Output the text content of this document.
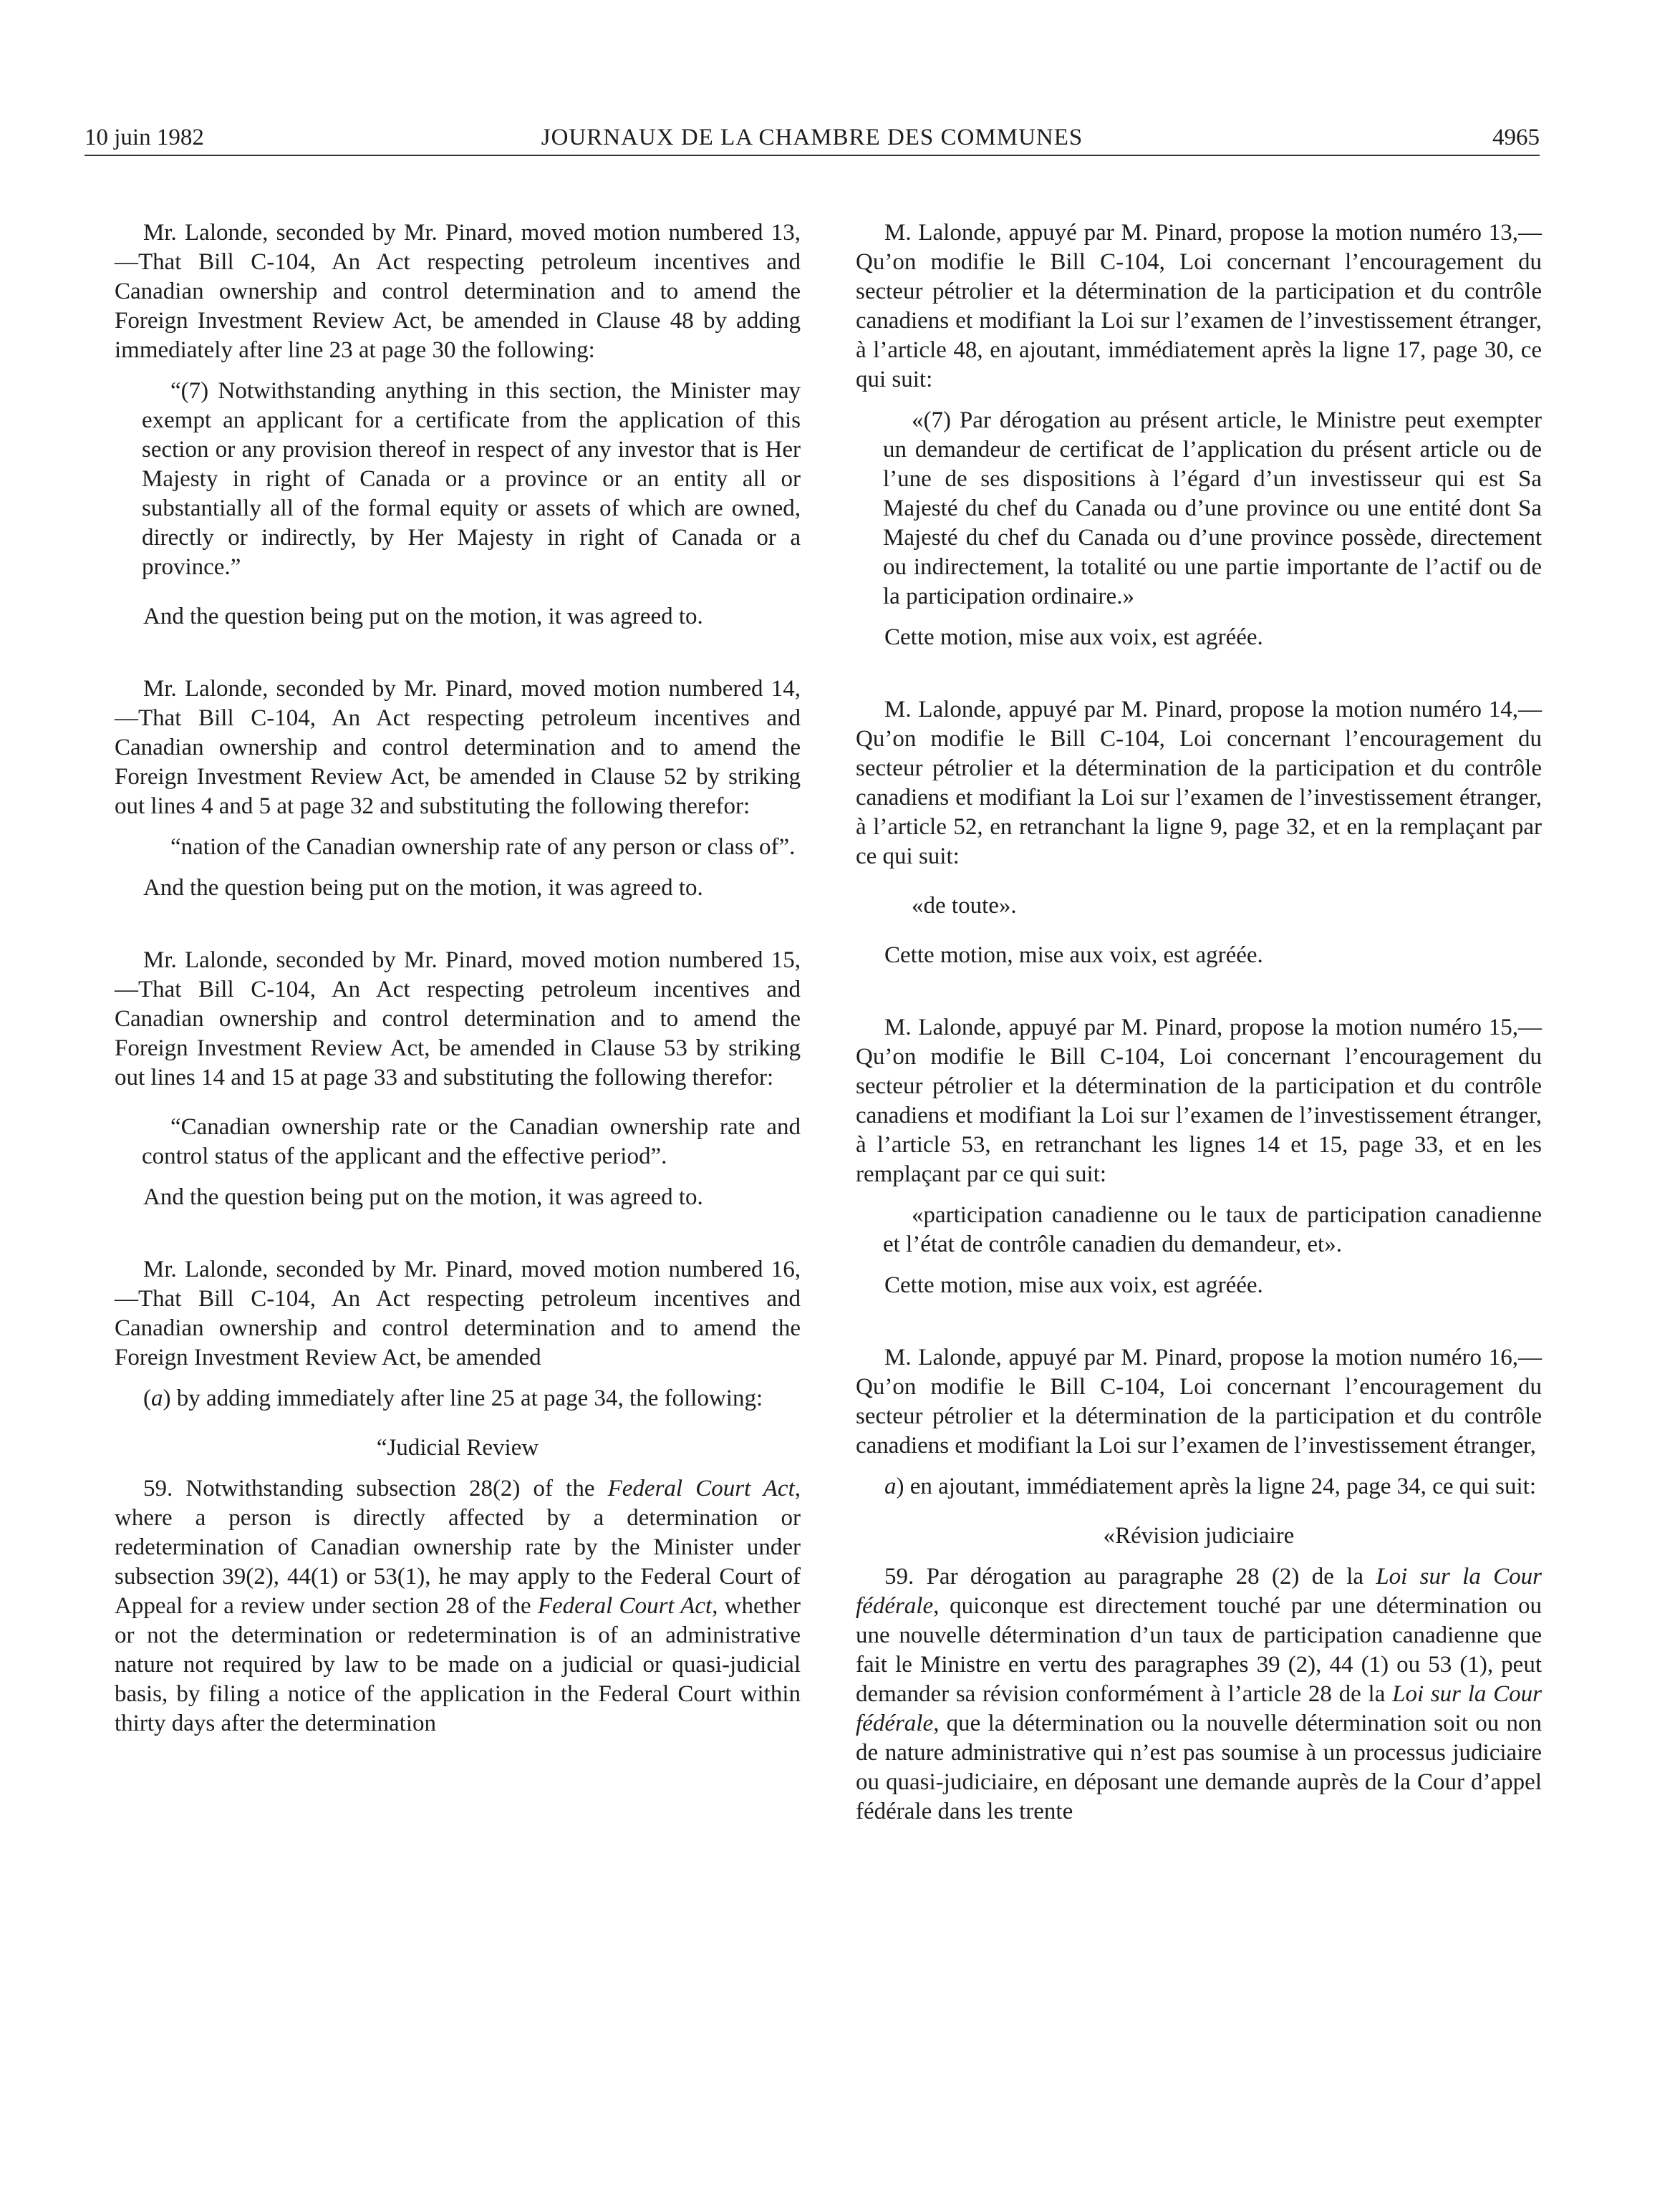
10 juin 1982	JOURNAUX DE LA CHAMBRE DES COMMUNES	4965

Mr. Lalonde, seconded by Mr. Pinard, moved motion numbered 13,—That Bill C-104, An Act respecting petroleum incentives and Canadian ownership and control determination and to amend the Foreign Investment Review Act, be amended in Clause 48 by adding immediately after line 23 at page 30 the following:

“(7) Notwithstanding anything in this section, the Minister may exempt an applicant for a certificate from the application of this section or any provision thereof in respect of any investor that is Her Majesty in right of Canada or a province or an entity all or substantially all of the formal equity or assets of which are owned, directly or indirectly, by Her Majesty in right of Canada or a province.”

And the question being put on the motion, it was agreed to.

Mr. Lalonde, seconded by Mr. Pinard, moved motion numbered 14,—That Bill C-104, An Act respecting petroleum incentives and Canadian ownership and control determination and to amend the Foreign Investment Review Act, be amended in Clause 52 by striking out lines 4 and 5 at page 32 and substituting the following therefor:

“nation of the Canadian ownership rate of any person or class of”.

And the question being put on the motion, it was agreed to.

Mr. Lalonde, seconded by Mr. Pinard, moved motion numbered 15,—That Bill C-104, An Act respecting petroleum incentives and Canadian ownership and control determination and to amend the Foreign Investment Review Act, be amended in Clause 53 by striking out lines 14 and 15 at page 33 and substituting the following therefor:

“Canadian ownership rate or the Canadian ownership rate and control status of the applicant and the effective period”.

And the question being put on the motion, it was agreed to.

Mr. Lalonde, seconded by Mr. Pinard, moved motion numbered 16,—That Bill C-104, An Act respecting petroleum incentives and Canadian ownership and control determination and to amend the Foreign Investment Review Act, be amended

(a) by adding immediately after line 25 at page 34, the following:

“Judicial Review

59. Notwithstanding subsection 28(2) of the Federal Court Act, where a person is directly affected by a determination or redetermination of Canadian ownership rate by the Minister under subsection 39(2), 44(1) or 53(1), he may apply to the Federal Court of Appeal for a review under section 28 of the Federal Court Act, whether or not the determination or redetermination is of an administrative nature not required by law to be made on a judicial or quasi-judicial basis, by filing a notice of the application in the Federal Court within thirty days after the determination

M. Lalonde, appuyé par M. Pinard, propose la motion numéro 13,—Qu’on modifie le Bill C-104, Loi concernant l’encouragement du secteur pétrolier et la détermination de la participation et du contrôle canadiens et modifiant la Loi sur l’examen de l’investissement étranger, à l’article 48, en ajoutant, immédiatement après la ligne 17, page 30, ce qui suit:

«(7) Par dérogation au présent article, le Ministre peut exempter un demandeur de certificat de l’application du présent article ou de l’une de ses dispositions à l’égard d’un investisseur qui est Sa Majesté du chef du Canada ou d’une province ou une entité dont Sa Majesté du chef du Canada ou d’une province possède, directement ou indirectement, la totalité ou une partie importante de l’actif ou de la participation ordinaire.»

Cette motion, mise aux voix, est agréée.

M. Lalonde, appuyé par M. Pinard, propose la motion numéro 14,—Qu’on modifie le Bill C-104, Loi concernant l’encouragement du secteur pétrolier et la détermination de la participation et du contrôle canadiens et modifiant la Loi sur l’examen de l’investissement étranger, à l’article 52, en retranchant la ligne 9, page 32, et en la remplaçant par ce qui suit:

«de toute».

Cette motion, mise aux voix, est agréée.

M. Lalonde, appuyé par M. Pinard, propose la motion numéro 15,—Qu’on modifie le Bill C-104, Loi concernant l’encouragement du secteur pétrolier et la détermination de la participation et du contrôle canadiens et modifiant la Loi sur l’examen de l’investissement étranger, à l’article 53, en retranchant les lignes 14 et 15, page 33, et en les remplaçant par ce qui suit:

«participation canadienne ou le taux de participation canadienne et l’état de contrôle canadien du demandeur, et».

Cette motion, mise aux voix, est agréée.

M. Lalonde, appuyé par M. Pinard, propose la motion numéro 16,—Qu’on modifie le Bill C-104, Loi concernant l’encouragement du secteur pétrolier et la détermination de la participation et du contrôle canadiens et modifiant la Loi sur l’examen de l’investissement étranger,

a) en ajoutant, immédiatement après la ligne 24, page 34, ce qui suit:

«Révision judiciaire

59. Par dérogation au paragraphe 28 (2) de la Loi sur la Cour fédérale, quiconque est directement touché par une détermination ou une nouvelle détermination d’un taux de participation canadienne que fait le Ministre en vertu des paragraphes 39 (2), 44 (1) ou 53 (1), peut demander sa révision conformément à l’article 28 de la Loi sur la Cour fédérale, que la détermination ou la nouvelle détermination soit ou non de nature administrative qui n’est pas soumise à un processus judiciaire ou quasi-judiciaire, en déposant une demande auprès de la Cour d’appel fédérale dans les trente
